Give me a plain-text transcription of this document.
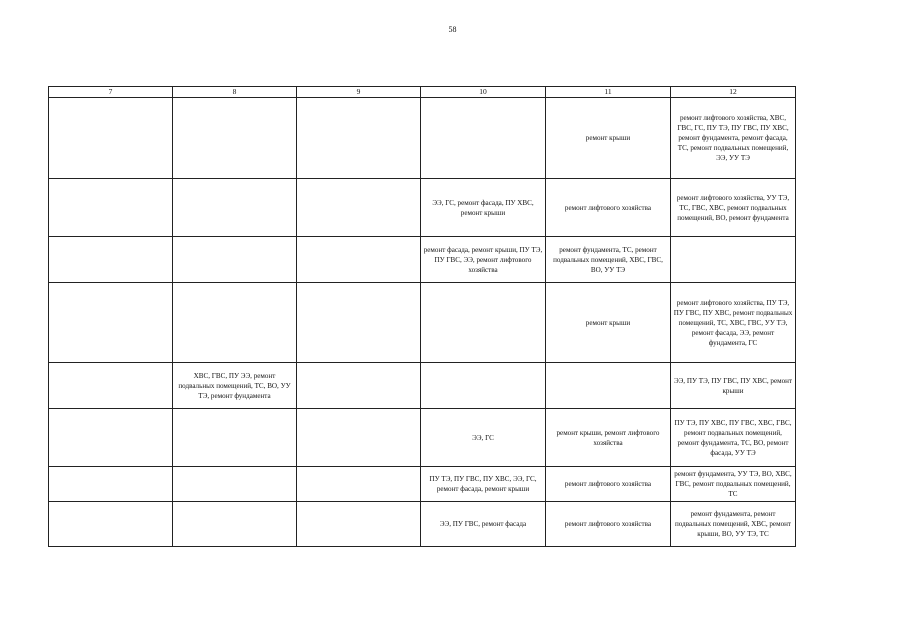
58
7	8	9	10	11	12
				ремонт крыши	ремонт лифтового хозяйства, ХВС, ГВС, ГС, ПУ ТЭ, ПУ ГВС, ПУ ХВС, ремонт фундамента, ремонт фасада, ТС, ремонт подвальных помещений, ЭЭ, УУ ТЭ
			ЭЭ, ГС, ремонт фасада, ПУ ХВС, ремонт крыши	ремонт лифтового хозяйства	ремонт лифтового хозяйства, УУ ТЭ, ТС, ГВС, ХВС, ремонт подвальных помещений, ВО, ремонт фундамента
			ремонт фасада, ремонт крыши, ПУ ТЭ, ПУ ГВС, ЭЭ, ремонт лифтового хозяйства	ремонт фундамента, ТС, ремонт подвальных помещений, ХВС, ГВС, ВО, УУ ТЭ	
				ремонт крыши	ремонт лифтового хозяйства, ПУ ТЭ, ПУ ГВС, ПУ ХВС, ремонт подвальных помещений, ТС, ХВС, ГВС, УУ ТЭ, ремонт фасада, ЭЭ, ремонт фундамента, ГС
	ХВС, ГВС, ПУ ЭЭ, ремонт подвальных помещений, ТС, ВО, УУ ТЭ, ремонт фундамента				ЭЭ, ПУ ТЭ, ПУ ГВС, ПУ ХВС, ремонт крыши
			ЭЭ, ГС	ремонт крыши, ремонт лифтового хозяйства	ПУ ТЭ, ПУ ХВС, ПУ ГВС, ХВС, ГВС, ремонт подвальных помещений, ремонт фундамента, ТС, ВО, ремонт фасада, УУ ТЭ
			ПУ ТЭ, ПУ ГВС, ПУ ХВС, ЭЭ, ГС, ремонт фасада, ремонт крыши	ремонт лифтового хозяйства	ремонт фундамента, УУ ТЭ, ВО, ХВС, ГВС, ремонт подвальных помещений, ТС
			ЭЭ, ПУ ГВС, ремонт фасада	ремонт лифтового хозяйства	ремонт фундамента, ремонт подвальных помещений, ХВС, ремонт крыши, ВО, УУ ТЭ, ТС
